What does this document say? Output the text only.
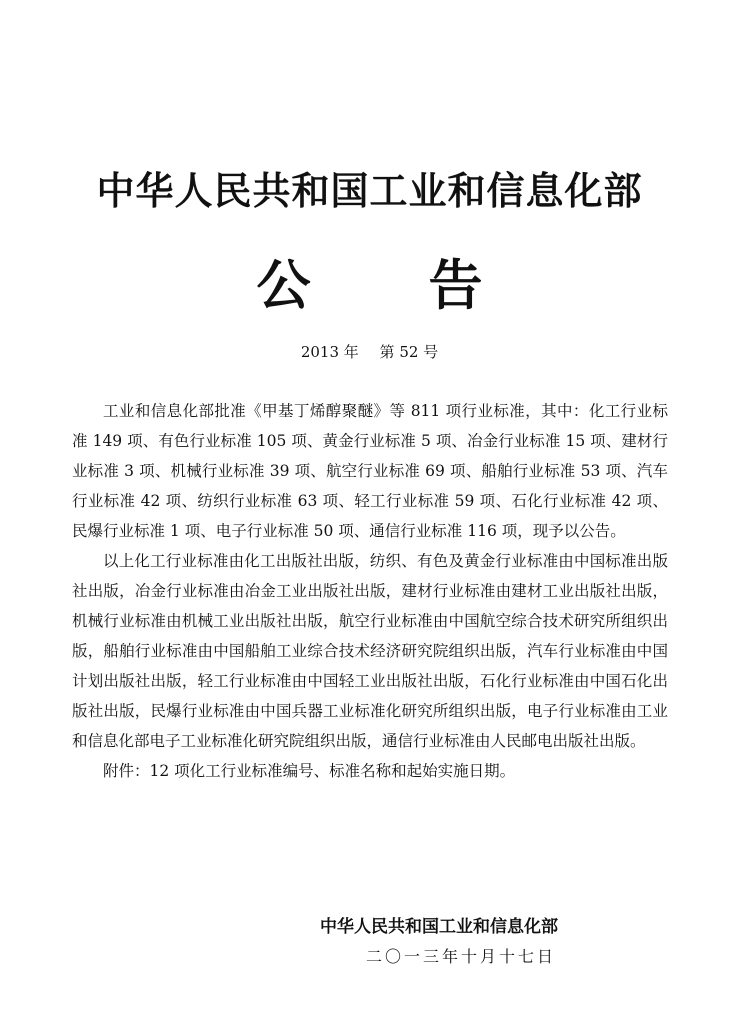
中华人民共和国工业和信息化部
公告
2013 年 第 52 号

工业和信息化部批准《甲基丁烯醇聚醚》等 811 项行业标准，其中：化工行业标准 149 项、有色行业标准 105 项、黄金行业标准 5 项、冶金行业标准 15 项、建材行业标准 3 项、机械行业标准 39 项、航空行业标准 69 项、船舶行业标准 53 项、汽车行业标准 42 项、纺织行业标准 63 项、轻工行业标准 59 项、石化行业标准 42 项、民爆行业标准 1 项、电子行业标准 50 项、通信行业标准 116 项，现予以公告。

以上化工行业标准由化工出版社出版，纺织、有色及黄金行业标准由中国标准出版社出版，冶金行业标准由冶金工业出版社出版，建材行业标准由建材工业出版社出版，机械行业标准由机械工业出版社出版，航空行业标准由中国航空综合技术研究所组织出版，船舶行业标准由中国船舶工业综合技术经济研究院组织出版，汽车行业标准由中国计划出版社出版，轻工行业标准由中国轻工业出版社出版，石化行业标准由中国石化出版社出版，民爆行业标准由中国兵器工业标准化研究所组织出版，电子行业标准由工业和信息化部电子工业标准化研究院组织出版，通信行业标准由人民邮电出版社出版。

附件：12 项化工行业标准编号、标准名称和起始实施日期。

中华人民共和国工业和信息化部
二〇一三年十月十七日
